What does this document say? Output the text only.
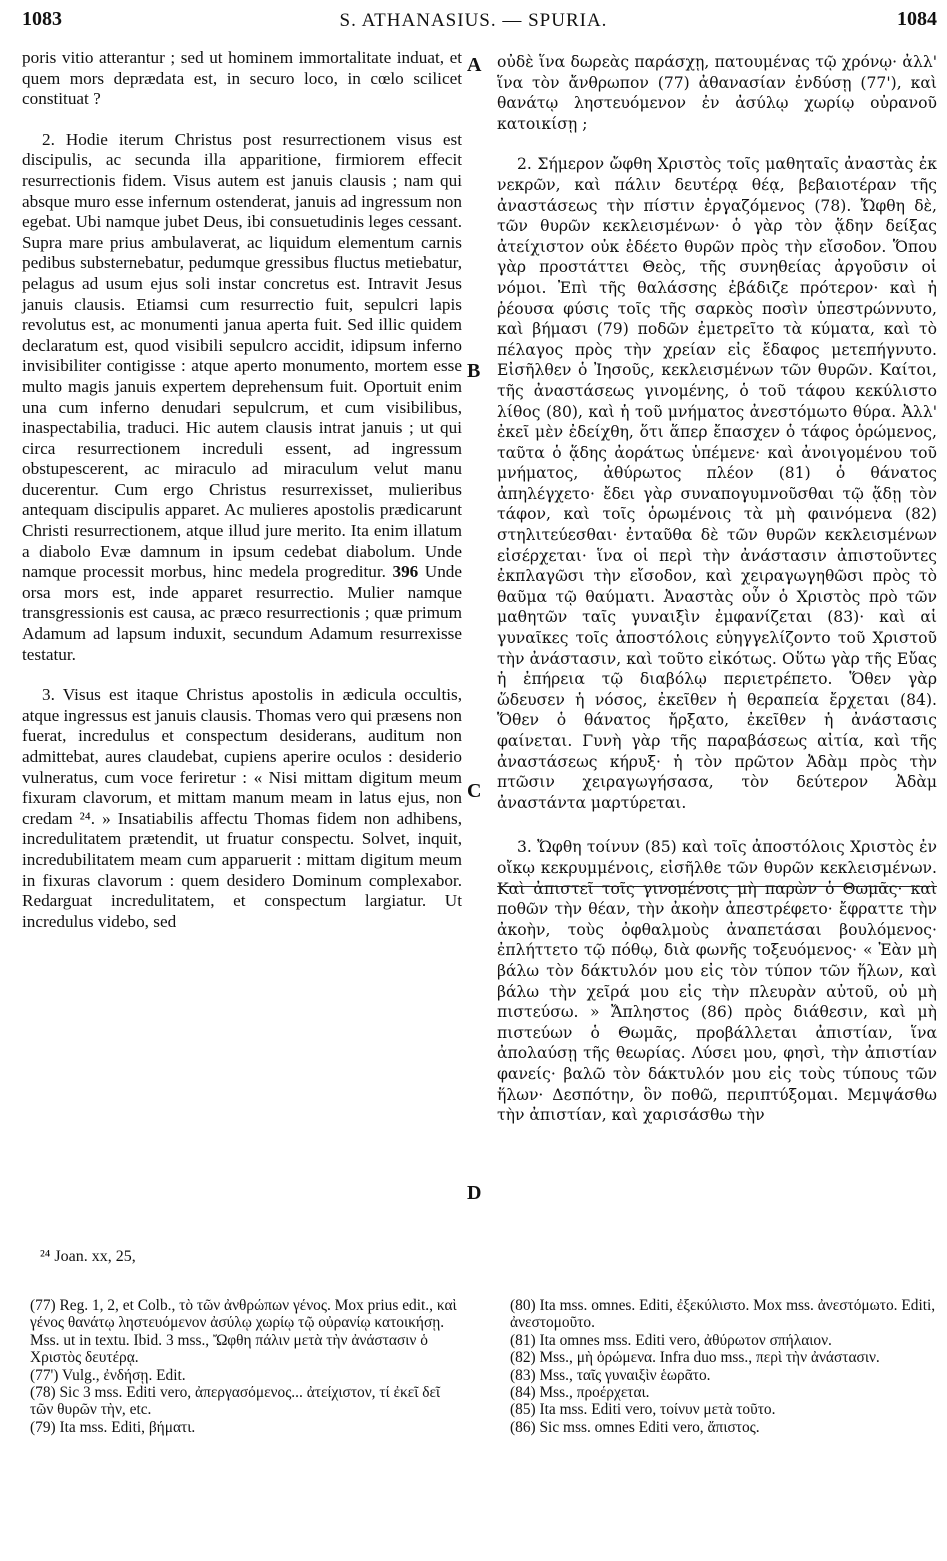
1083	S. ATHANASIUS. — SPURIA.	1084

poris vitio atterantur ; sed ut hominem immortalitate induat, et quem mors deprædata est, in securo loco, in cœlo scilicet constituat ?

2. Hodie iterum Christus post resurrectionem visus est discipulis, ac secunda illa apparitione, firmiorem effecit resurrectionis fidem. Visus autem est januis clausis ; nam qui absque muro esse infernum ostenderat, januis ad ingressum non egebat. Ubi namque jubet Deus, ibi consuetudinis leges cessant. Supra mare prius ambulaverat, ac liquidum elementum carnis pedibus substernebatur, pedumque gressibus fluctus metiebatur, pelagus ad usum ejus soli instar concretus est. Intravit Jesus januis clausis. Etiamsi cum resurrectio fuit, sepulcri lapis revolutus est, ac monumenti janua aperta fuit. Sed illic quidem declaratum est, quod visibili sepulcro accidit, idipsum inferno invisibiliter contigisse : atque aperto monumento, mortem esse multo magis januis expertem deprehensum fuit. Oportuit enim una cum inferno denudari sepulcrum, et cum visibilibus, inaspectabilia, traduci. Hic autem clausis intrat januis ; ut qui circa resurrectionem increduli essent, ad ingressum obstupescerent, ac miraculo ad miraculum velut manu ducerentur. Cum ergo Christus resurrexisset, mulieribus antequam discipulis apparet. Ac mulieres apostolis prædicarunt Christi resurrectionem, atque illud jure merito. Ita enim illatum a diabolo Evæ damnum in ipsum cedebat diabolum. Unde namque processit morbus, hinc medela progreditur. 396 Unde orsa mors est, inde apparet resurrectio. Mulier namque transgressionis est causa, ac præco resurrectionis ; quæ primum Adamum ad lapsum induxit, secundum Adamum resurrexisse testatur.

3. Visus est itaque Christus apostolis in ædicula occultis, atque ingressus est januis clausis. Thomas vero qui præsens non fuerat, incredulus et conspectum desiderans, auditum non admittebat, aures claudebat, cupiens aperire oculos : desiderio vulneratus, cum voce feriretur : « Nisi mittam digitum meum fixuram clavorum, et mittam manum meam in latus ejus, non credam ²⁴. » Insatiabilis affectu Thomas fidem non adhibens, incredulitatem prætendit, ut fruatur conspectu. Solvet, inquit, incredubilitatem meam cum apparuerit : mittam digitum meum in fixuras clavorum : quem desidero Dominum complexabor. Redarguat incredulitatem, et conspectum largiatur. Ut incredulus videbo, sed

οὐδὲ ἵνα δωρεὰς παράσχῃ, πατουμένας τῷ χρόνῳ· ἀλλ' ἵνα τὸν ἄνθρωπον (77) ἀθανασίαν ἐνδύσῃ (77'), καὶ θανάτῳ ληστευόμενον ἐν ἀσύλῳ χωρίῳ οὐρανοῦ κατοικίσῃ ;

2. Σήμερον ὤφθη Χριστὸς τοῖς μαθηταῖς ἀναστὰς ἐκ νεκρῶν, καὶ πάλιν δευτέρᾳ θέᾳ, βεβαιοτέραν τῆς ἀναστάσεως τὴν πίστιν ἐργαζόμενος (78). Ὤφθη δὲ, τῶν θυρῶν κεκλεισμένων· ὁ γὰρ τὸν ᾅδην δείξας ἀτείχιστον οὐκ ἐδέετο θυρῶν πρὸς τὴν εἴσοδον. Ὅπου γὰρ προστάττει Θεὸς, τῆς συνηθείας ἀργοῦσιν οἱ νόμοι. Ἐπὶ τῆς θαλάσσης ἐβάδιζε πρότερον· καὶ ἡ ῥέουσα φύσις τοῖς τῆς σαρκὸς ποσὶν ὑπεστρώννυτο, καὶ βήμασι (79) ποδῶν ἐμετρεῖτο τὰ κύματα, καὶ τὸ πέλαγος πρὸς τὴν χρείαν εἰς ἔδαφος μετεπήγνυτο. Εἰσῆλθεν ὁ Ἰησοῦς, κεκλεισμένων τῶν θυρῶν. Καίτοι, τῆς ἀναστάσεως γινομένης, ὁ τοῦ τάφου κεκύλιστο λίθος (80), καὶ ἡ τοῦ μνήματος ἀνεστόμωτο θύρα. Ἀλλ' ἐκεῖ μὲν ἐδείχθη, ὅτι ἅπερ ἔπασχεν ὁ τάφος ὁρώμενος, ταῦτα ὁ ᾅδης ἀοράτως ὑπέμενε· καὶ ἀνοιγομένου τοῦ μνήματος, ἀθύρωτος πλέον (81) ὁ θάνατος ἀπηλέγχετο· ἔδει γὰρ συναπογυμνοῦσθαι τῷ ᾅδῃ τὸν τάφον, καὶ τοῖς ὁρωμένοις τὰ μὴ φαινόμενα (82) στηλιτεύεσθαι· ἐνταῦθα δὲ τῶν θυρῶν κεκλεισμένων εἰσέρχεται· ἵνα οἱ περὶ τὴν ἀνάστασιν ἀπιστοῦντες ἐκπλαγῶσι τὴν εἴσοδον, καὶ χειραγωγηθῶσι πρὸς τὸ θαῦμα τῷ θαύματι. Ἀναστὰς οὖν ὁ Χριστὸς πρὸ τῶν μαθητῶν ταῖς γυναιξὶν ἐμφανίζεται (83)· καὶ αἱ γυναῖκες τοῖς ἀποστόλοις εὐηγγελίζοντο τοῦ Χριστοῦ τὴν ἀνάστασιν, καὶ τοῦτο εἰκότως. Οὕτω γὰρ τῆς Εὔας ἡ ἐπήρεια τῷ διαβόλῳ περιετρέπετο. Ὅθεν γὰρ ὥδευσεν ἡ νόσος, ἐκεῖθεν ἡ θεραπεία ἔρχεται (84). Ὅθεν ὁ θάνατος ἤρξατο, ἐκεῖθεν ἡ ἀνάστασις φαίνεται. Γυνὴ γὰρ τῆς παραβάσεως αἰτία, καὶ τῆς ἀναστάσεως κήρυξ· ἡ τὸν πρῶτον Ἀδὰμ πρὸς τὴν πτῶσιν χειραγωγήσασα, τὸν δεύτερον Ἀδὰμ ἀναστάντα μαρτύρεται.

3. Ὤφθη τοίνυν (85) καὶ τοῖς ἀποστόλοις Χριστὸς ἐν οἴκῳ κεκρυμμένοις, εἰσῆλθε τῶν θυρῶν κεκλεισμένων. Καὶ ἀπιστεῖ τοῖς γινομένοις μὴ παρὼν ὁ Θωμᾶς· καὶ ποθῶν τὴν θέαν, τὴν ἀκοὴν ἀπεστρέφετο· ἔφραττε τὴν ἀκοὴν, τοὺς ὀφθαλμοὺς ἀναπετάσαι βουλόμενος· ἐπλήττετο τῷ πόθῳ, διὰ φωνῆς τοξευόμενος· « Ἐὰν μὴ βάλω τὸν δάκτυλόν μου εἰς τὸν τύπον τῶν ἥλων, καὶ βάλω τὴν χεῖρά μου εἰς τὴν πλευρὰν αὐτοῦ, οὐ μὴ πιστεύσω. » Ἄπληστος (86) πρὸς διάθεσιν, καὶ μὴ πιστεύων ὁ Θωμᾶς, προβάλλεται ἀπιστίαν, ἵνα ἀπολαύσῃ τῆς θεωρίας. Λύσει μου, φησὶ, τὴν ἀπιστίαν φανείς· βαλῶ τὸν δάκτυλόν μου εἰς τοὺς τύπους τῶν ἥλων· Δεσπότην, ὃν ποθῶ, περιπτύξομαι. Μεμψάσθω τὴν ἀπιστίαν, καὶ χαρισάσθω τὴν

A
B
C
D
²⁴ Joan. xx, 25,

(77) Reg. 1, 2, et Colb., τὸ τῶν ἀνθρώπων γένος. Mox prius edit., καὶ γένος θανάτῳ ληστευόμενον ἀσύλῳ χωρίῳ τῷ οὐρανίῳ κατοικήσῃ. Mss. ut in textu. Ibid. 3 mss., Ὤφθη πάλιν μετὰ τὴν ἀνάστασιν ὁ Χριστὸς δευτέρᾳ.

(77') Vulg., ἐνδήσῃ. Edit.

(78) Sic 3 mss. Editi vero, ἀπεργασόμενος... ἀτείχιστον, τί ἐκεῖ δεῖ τῶν θυρῶν τὴν, etc.

(79) Ita mss. Editi, βήματι.

(80) Ita mss. omnes. Editi, ἐξεκύλιστο. Mox mss. ἀνεστόμωτο. Editi, ἀνεστομοῦτο.

(81) Ita omnes mss. Editi vero, ἀθύρωτον σπήλαιον.

(82) Mss., μὴ ὁρώμενα. Infra duo mss., περὶ τὴν ἀνάστασιν.

(83) Mss., ταῖς γυναιξὶν ἑωρᾶτο.

(84) Mss., προέρχεται.

(85) Ita mss. Editi vero, τοίνυν μετὰ τοῦτο.

(86) Sic mss. omnes Editi vero, ἄπιστος.
